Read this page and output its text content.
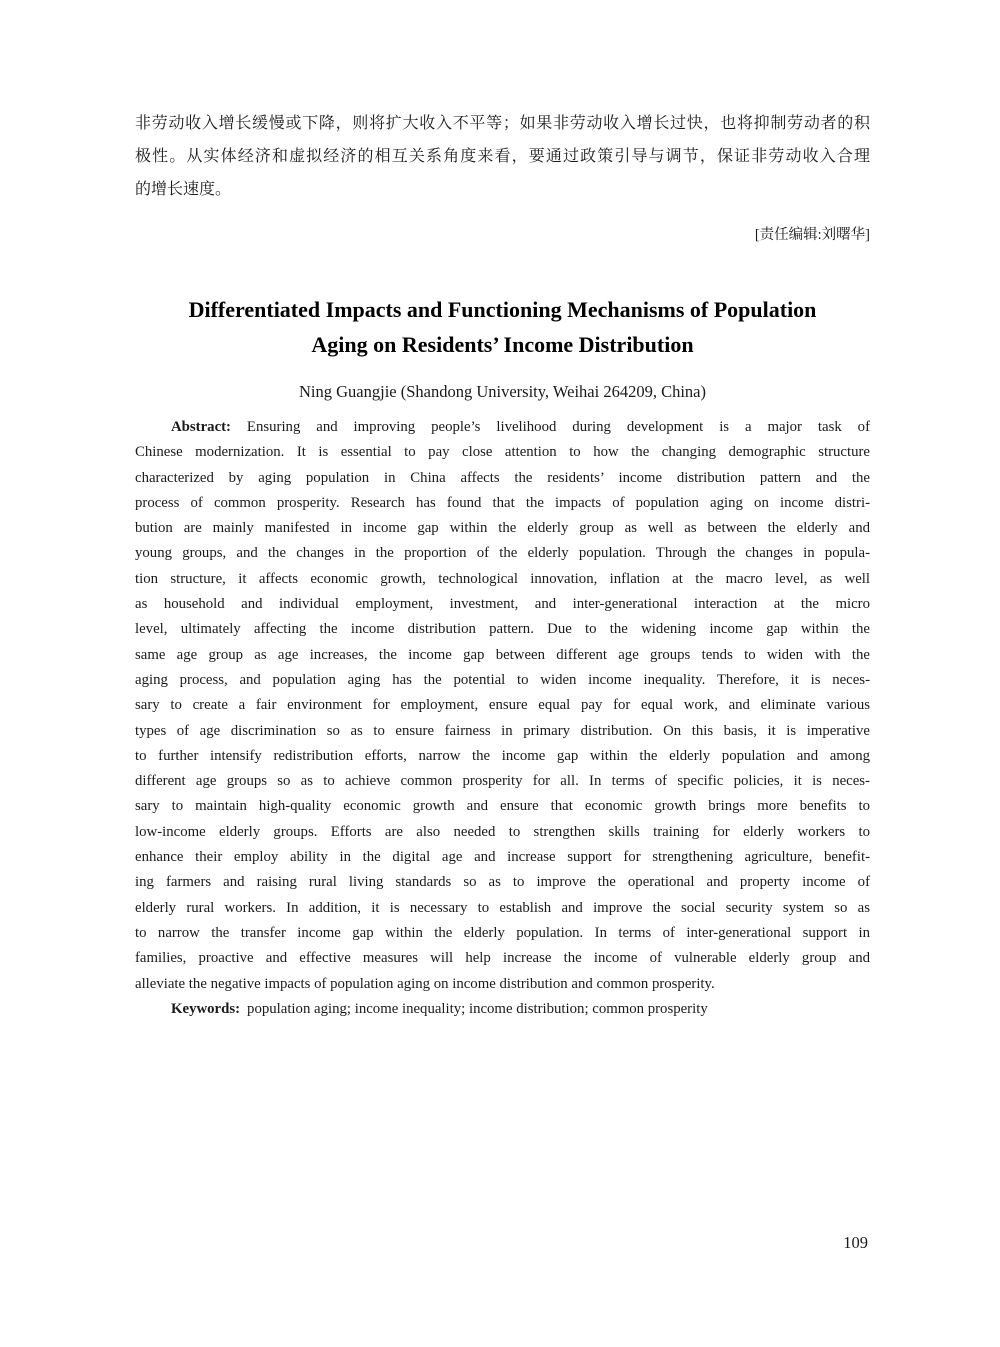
非劳动收入增长缓慢或下降，则将扩大收入不平等；如果非劳动收入增长过快，也将抑制劳动者的积
极性。从实体经济和虚拟经济的相互关系角度来看，要通过政策引导与调节，保证非劳动收入合理
的增长速度。
[责任编辑:刘曙华]
Differentiated Impacts and Functioning Mechanisms of Population
Aging on Residents’ Income Distribution
Ning Guangjie (Shandong University, Weihai 264209, China)
Abstract: Ensuring and improving people’s livelihood during development is a major task of
Chinese modernization. It is essential to pay close attention to how the changing demographic structure
characterized by aging population in China affects the residents’ income distribution pattern and the
process of common prosperity. Research has found that the impacts of population aging on income distri-
bution are mainly manifested in income gap within the elderly group as well as between the elderly and
young groups, and the changes in the proportion of the elderly population. Through the changes in popula-
tion structure, it affects economic growth, technological innovation, inflation at the macro level, as well
as household and individual employment, investment, and inter-generational interaction at the micro
level, ultimately affecting the income distribution pattern. Due to the widening income gap within the
same age group as age increases, the income gap between different age groups tends to widen with the
aging process, and population aging has the potential to widen income inequality. Therefore, it is neces-
sary to create a fair environment for employment, ensure equal pay for equal work, and eliminate various
types of age discrimination so as to ensure fairness in primary distribution. On this basis, it is imperative
to further intensify redistribution efforts, narrow the income gap within the elderly population and among
different age groups so as to achieve common prosperity for all. In terms of specific policies, it is neces-
sary to maintain high-quality economic growth and ensure that economic growth brings more benefits to
low-income elderly groups. Efforts are also needed to strengthen skills training for elderly workers to
enhance their employ ability in the digital age and increase support for strengthening agriculture, benefit-
ing farmers and raising rural living standards so as to improve the operational and property income of
elderly rural workers. In addition, it is necessary to establish and improve the social security system so as
to narrow the transfer income gap within the elderly population. In terms of inter-generational support in
families, proactive and effective measures will help increase the income of vulnerable elderly group and
alleviate the negative impacts of population aging on income distribution and common prosperity.
Keywords: population aging; income inequality; income distribution; common prosperity
109
